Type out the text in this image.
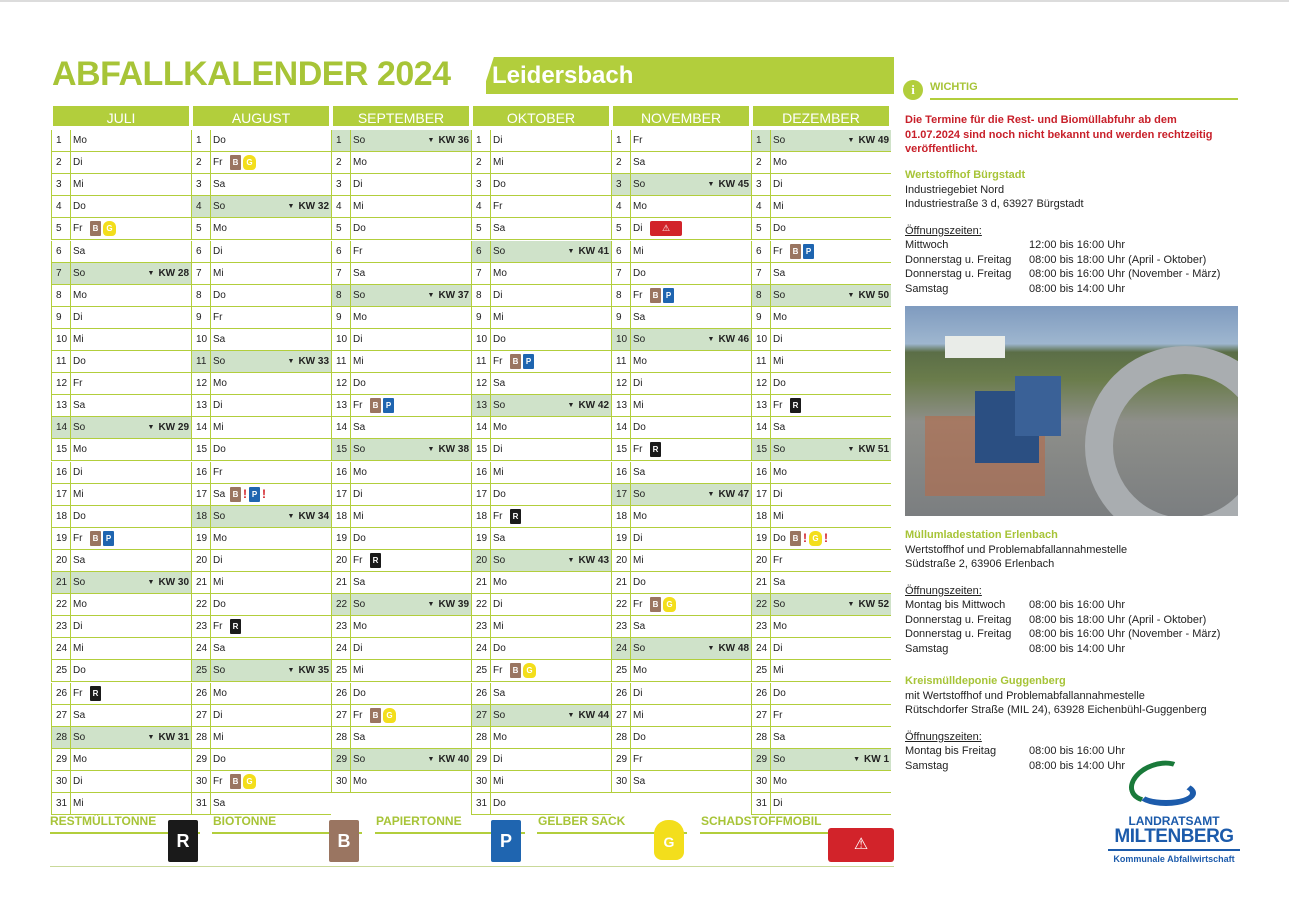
ABFALLKALENDER 2024 Leidersbach
JULI
1	Mo
2	Di
3	Mi
4	Do
5	Fr	B G
6	Sa
7	So	▼ KW 28
8	Mo
9	Di
10 Mi
11 Do
12 Fr
13 Sa
14 So	▼ KW 29
15 Mo
16 Di
17 Mi
18 Do
19 Fr	B P
20 Sa
21 So	▼ KW 30
22 Mo
23 Di
24 Mi
25 Do
26 Fr	R
27 Sa
28 So	▼ KW 31
29 Mo
30 Di
31 Mi
AUGUST
1	Do
2	Fr	B G
3	Sa
4	So	▼ KW 32
5	Mo
6	Di
7	Mi
8	Do
9	Fr
10 Sa
11 So	▼ KW 33
12 Mo
13 Di
14 Mi
15 Do
16 Fr
17 Sa B ! P !
18 So	▼ KW 34
19 Mo
20 Di
21 Mi
22 Do
23 Fr	R
24 Sa
25 So	▼ KW 35
26 Mo
27 Di
28 Mi
29 Do
30 Fr	B G
31 Sa
SEPTEMBER
1	So	▼ KW 36
2	Mo
3	Di
4	Mi
5	Do
6	Fr
7	Sa
8	So	▼ KW 37
9	Mo
10 Di
11 Mi
12 Do
13 Fr	B P
14 Sa
15 So	▼ KW 38
16 Mo
17 Di
18 Mi
19 Do
20 Fr	R
21 Sa
22 So	▼ KW 39
23 Mo
24 Di
25 Mi
26 Do
27 Fr	B G
28 Sa
29 So	▼ KW 40
30 Mo
OKTOBER
1	Di
2	Mi
3	Do
4	Fr
5	Sa
6	So	▼ KW 41
7	Mo
8	Di
9	Mi
10 Do
11 Fr	B P
12 Sa
13 So	▼ KW 42
14 Mo
15 Di
16 Mi
17 Do
18 Fr	R
19 Sa
20 So	▼ KW 43
21 Mo
22 Di
23 Mi
24 Do
25 Fr	B G
26 Sa
27 So	▼ KW 44
28 Mo
29 Di
30 Mi
31 Do
NOVEMBER
1	Fr
2	Sa
3	So	▼ KW 45
4	Mo
5	Di	⚠
6	Mi
7	Do
8	Fr	B P
9	Sa
10 So	▼ KW 46
11 Mo
12 Di
13 Mi
14 Do
15 Fr	R
16 Sa
17 So	▼ KW 47
18 Mo
19 Di
20 Mi
21 Do
22 Fr	B G
23 Sa
24 So	▼ KW 48
25 Mo
26 Di
27 Mi
28 Do
29 Fr
30 Sa
DEZEMBER
1	So	▼ KW 49
2	Mo
3	Di
4	Mi
5	Do
6	Fr	B P
7	Sa
8	So	▼ KW 50
9	Mo
10 Di
11 Mi
12 Do
13 Fr	R
14 Sa
15 So	▼ KW 51
16 Mo
17 Di
18 Mi
19 Do B ! G !
20 Fr
21 Sa
22 So	▼ KW 52
23 Mo
24 Di
25 Mi
26 Do
27 Fr
28 Sa
29 So	▼ KW 1
30 Mo
31 Di
RESTMÜLLTONNE
R
BIOTONNE
B
PAPIERTONNE
P
GELBER SACK
G
SCHADSTOFFMOBIL
⚠
i	WICHTIG
Die Termine für die Rest- und Biomüllabfuhr ab dem 01.07.2024 sind noch nicht bekannt und werden rechtzeitig veröffentlicht.
Wertstoffhof Bürgstadt
Industriegebiet Nord
Industriestraße 3 d, 63927 Bürgstadt
Öffnungszeiten:
Mittwoch	12:00 bis 16:00 Uhr
Donnerstag u. Freitag	08:00 bis 18:00 Uhr (April - Oktober)
Donnerstag u. Freitag	08:00 bis 16:00 Uhr (November - März)
Samstag	08:00 bis 14:00 Uhr
Müllumladestation Erlenbach
Wertstoffhof und Problemabfallannahmestelle
Südstraße 2, 63906 Erlenbach
Öffnungszeiten:
Montag bis Mittwoch	08:00 bis 16:00 Uhr
Donnerstag u. Freitag	08:00 bis 18:00 Uhr (April - Oktober)
Donnerstag u. Freitag	08:00 bis 16:00 Uhr (November - März)
Samstag	08:00 bis 14:00 Uhr
Kreismülldeponie Guggenberg
mit Wertstoffhof und Problemabfallannahmestelle
Rütschdorfer Straße (MIL 24), 63928 Eichenbühl-Guggenberg
Öffnungszeiten:
Montag bis Freitag	08:00 bis 16:00 Uhr
Samstag	08:00 bis 14:00 Uhr
LANDRATSAMT
MILTENBERG
Kommunale Abfallwirtschaft
